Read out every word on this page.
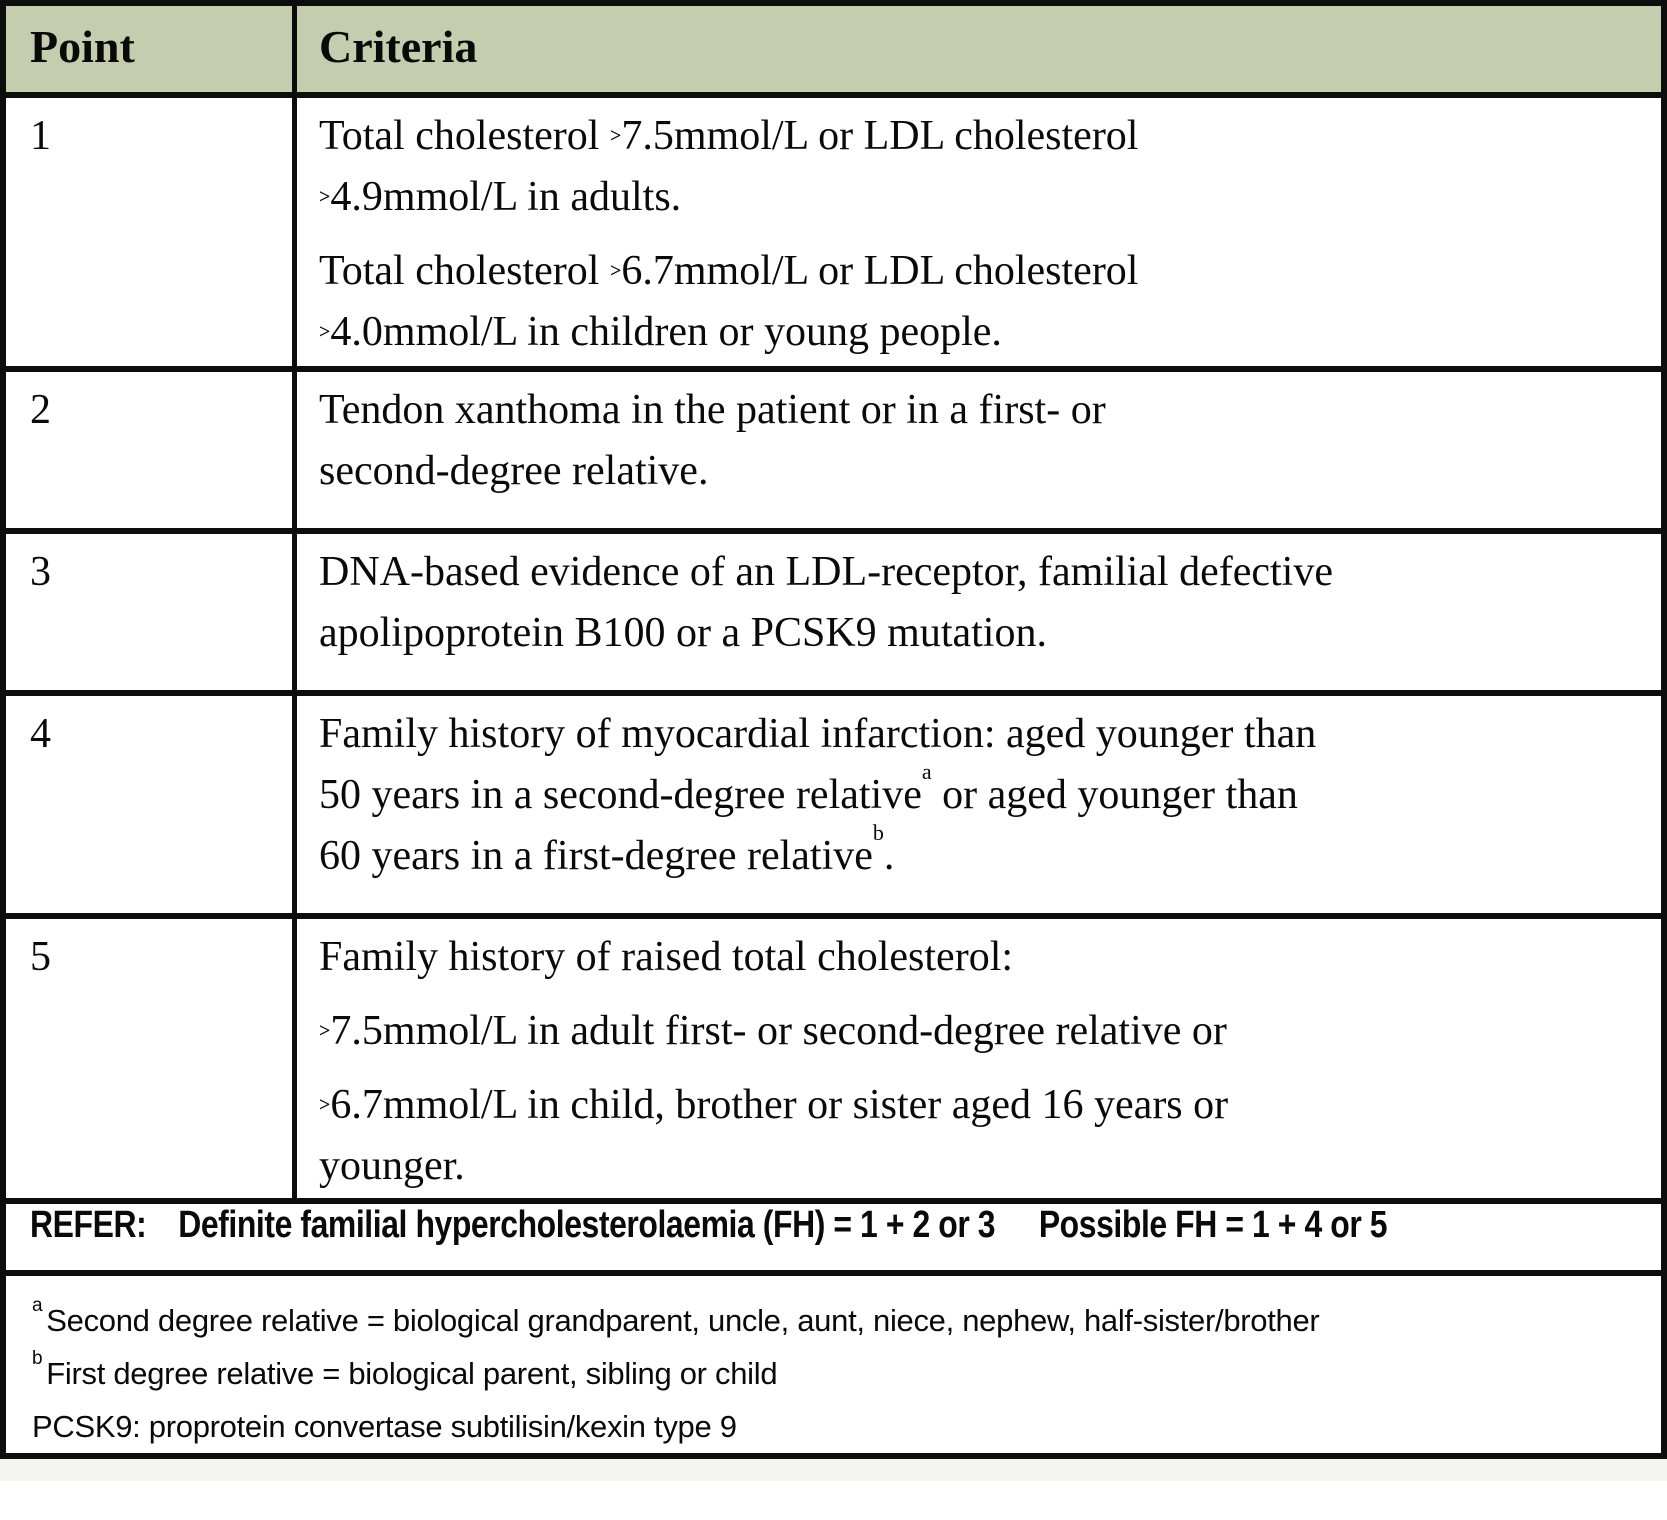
Point	Criteria
1	Total cholesterol >7.5mmol/L or LDL cholesterol
>4.9mmol/L in adults.

Total cholesterol >6.7mmol/L or LDL cholesterol
>4.0mmol/L in children or young people.

2	Tendon xanthoma in the patient or in a first- or
second-degree relative.

3	DNA-based evidence of an LDL-receptor, familial defective
apolipoprotein B100 or a PCSK9 mutation.

4	Family history of myocardial infarction: aged younger than
50 years in a second-degree relative$^a$ or aged younger than
60 years in a first-degree relative$^b$.

5	Family history of raised total cholesterol:

>7.5mmol/L in adult first- or second-degree relative or

>6.7mmol/L in child, brother or sister aged 16 years or
younger.

REFER: Definite familial hypercholesterolaemia (FH) = 1 + 2 or 3 Possible FH = 1 + 4 or 5
$^a$ Second degree relative = biological grandparent, uncle, aunt, niece, nephew, half-sister/brother
$^b$ First degree relative = biological parent, sibling or child
PCSK9: proprotein convertase subtilisin/kexin type 9
